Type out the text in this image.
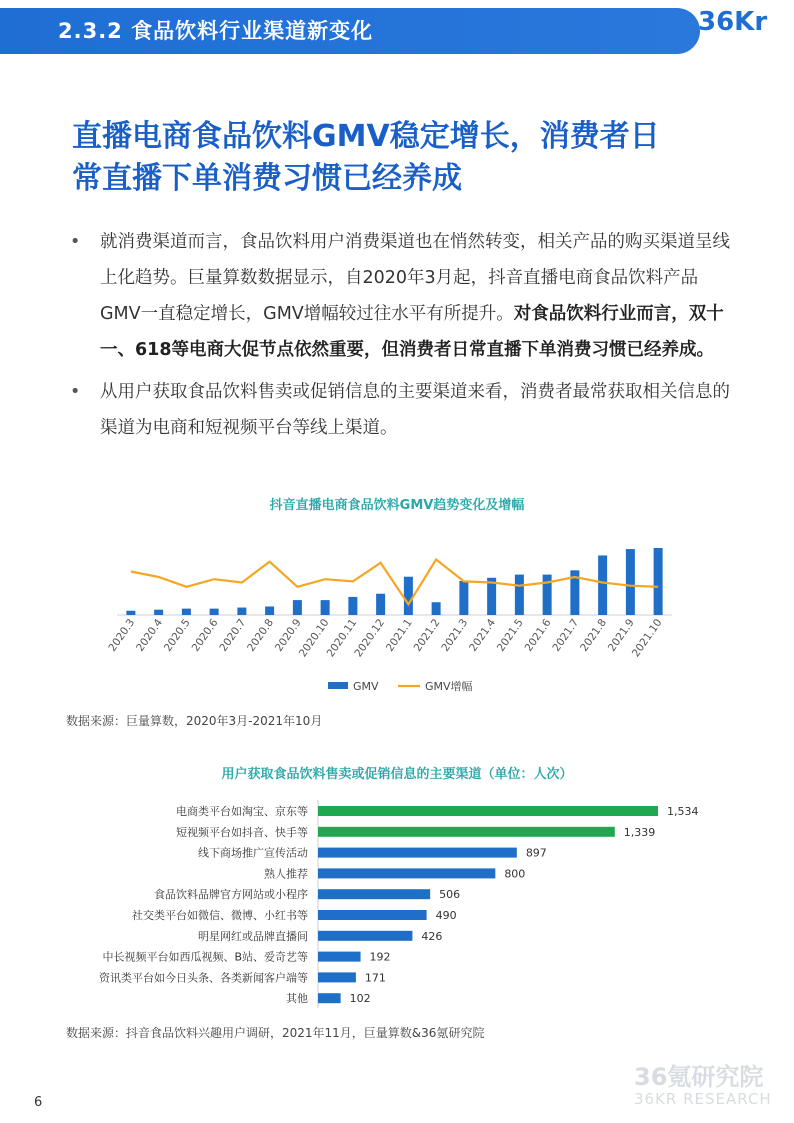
2.3.2 食品饮料行业渠道新变化	36Kr
直播电商食品饮料GMV稳定增长，消费者日
常直播下单消费习惯已经养成
• 就消费渠道而言，食品饮料用户消费渠道也在悄然转变，相关产品的购买渠道呈线上化趋势。巨量算数数据显示，自2020年3月起，抖音直播电商食品饮料产品GMV一直稳定增长，GMV增幅较过往水平有所提升。对食品饮料行业而言，双十一、618等电商大促节点依然重要，但消费者日常直播下单消费习惯已经养成。
• 从用户获取食品饮料售卖或促销信息的主要渠道来看，消费者最常获取相关信息的渠道为电商和短视频平台等线上渠道。
抖音直播电商食品饮料GMV趋势变化及增幅
2020.3
2020.4
2020.5
2020.6
2020.7
2020.8
2020.9
2020.10
2020.11
2020.12
2021.1
2021.2
2021.3
2021.4
2021.5
2021.6
2021.7
2021.8
2021.9
2021.10
GMV	GMV增幅
数据来源：巨量算数，2020年3月-2021年10月
用户获取食品饮料售卖或促销信息的主要渠道（单位：人次）
电商类平台如淘宝、京东等	1,534
短视频平台如抖音、快手等	1,339
线下商场推广宣传活动	897
熟人推荐	800
食品饮料品牌官方网站或小程序	506
社交类平台如微信、微博、小红书等	490
明星网红或品牌直播间	426
中长视频平台如西瓜视频、B站、爱奇艺等	192
资讯类平台如今日头条、各类新闻客户端等	171
其他	102
数据来源：抖音食品饮料兴趣用户调研，2021年11月，巨量算数&36氪研究院
6
36氪研究院
36KR RESEARCH
